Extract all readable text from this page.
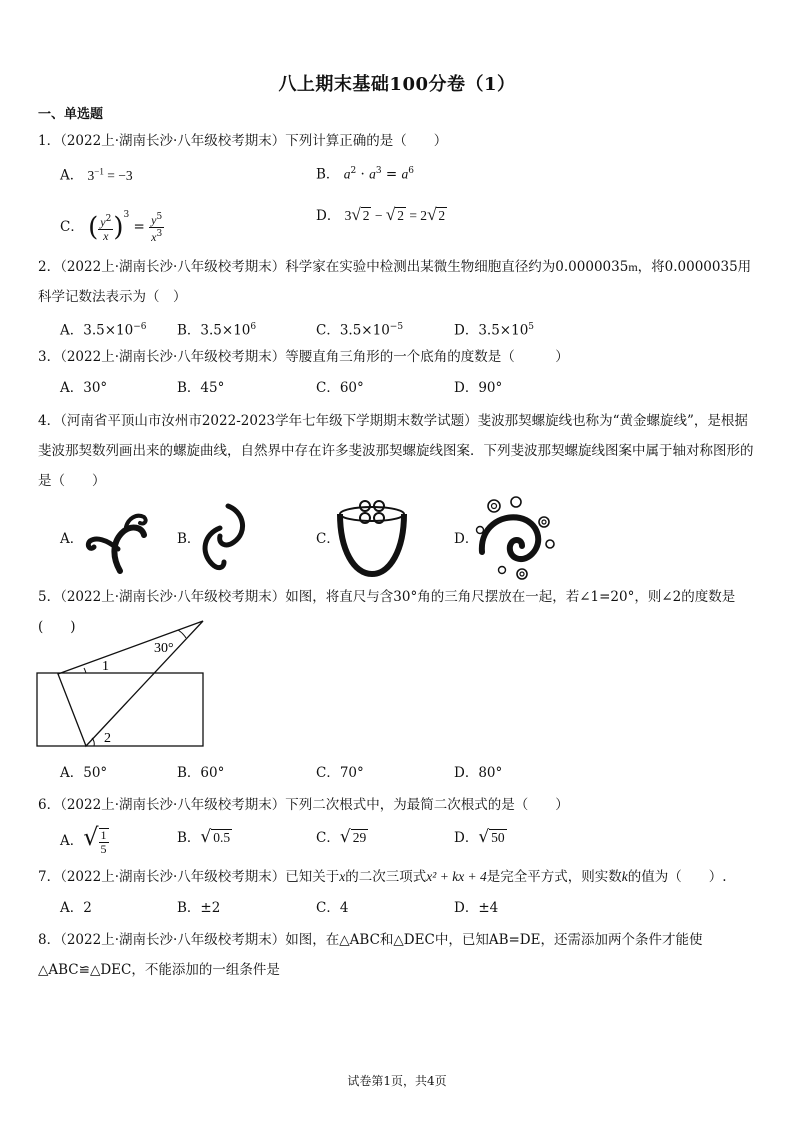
八上期末基础100分卷（1）
一、单选题
1．（2022上·湖南长沙·八年级校考期末）下列计算正确的是（　　）
A． $3^{-1} = -3$	B． $a^2 \cdot a^3 = a^6$
C． ( $\frac{y^2}{x} )^3 = \frac{y^5}{x^3}$	D． 3√ 2 − √ 2 = 2√ 2
2．（2022上·湖南长沙·八年级校考期末）科学家在实验中检测出某微生物细胞直径约为0.0000035m，将0.0000035用科学记数法表示为（　）
A．$3.5\times 10^{-6}$ B．$3.5\times 10^6$	C．$3.5\times 10^{-5}$	D．$3.5\times 10^5$
3．（2022上·湖南长沙·八年级校考期末）等腰直角三角形的一个底角的度数是（　　　）
A．30°	B．45°	C．60°	D．90°
4．（河南省平顶山市汝州市2022-2023学年七年级下学期期末数学试题）斐波那契螺旋线也称为“黄金螺旋线”，是根据斐波那契数列画出来的螺旋曲线，自然界中存在许多斐波那契螺旋线图案．下列斐波那契螺旋线图案中属于轴对称图形的是（　　）
A．	B．	C．	D．
5．（2022上·湖南长沙·八年级校考期末）如图，将直尺与含30°角的三角尺摆放在一起，若∠1=20°，则∠2的度数是(　　)
30°
1
2
A．50°	B．60°	C．70°	D．80°
6．（2022上·湖南长沙·八年级校考期末）下列二次根式中，为最简二次根式的是（　　）
A．√ $\frac{1}{5}$	B．√ 0.5	C．√ 29	D．√ 50
7．（2022上·湖南长沙·八年级校考期末）已知关于x的二次三项式x² + kx + 4是完全平方式，则实数k的值为（　　）.
A．2	B．±2	C．4	D．±4
8．（2022上·湖南长沙·八年级校考期末）如图，在△ABC和△DEC中，已知AB=DE，还需添加两个条件才能使△ABC≌△DEC，不能添加的一组条件是
试卷第1页，共4页
